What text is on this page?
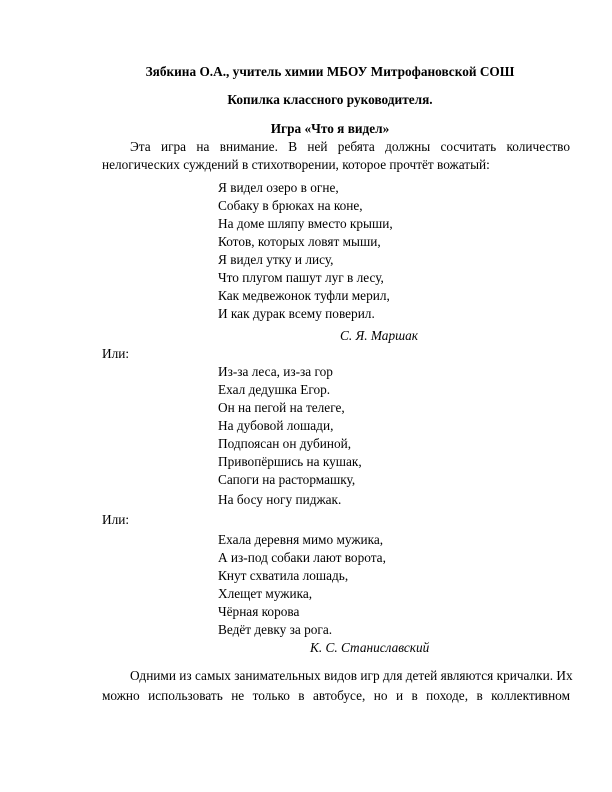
Зябкина О.А., учитель химии МБОУ Митрофановской СОШ
Копилка классного руководителя.
Игра «Что я видел»
Эта игра на внимание. В ней ребята должны сосчитать количество
нелогических суждений в стихотворении, которое прочтёт вожатый:
Я видел озеро в огне,
Собаку в брюках на коне,
На доме шляпу вместо крыши,
Котов, которых ловят мыши,
Я видел утку и лису,
Что плугом пашут луг в лесу,
Как медвежонок туфли мерил,
И как дурак всему поверил.
С. Я. Маршак
Или:
Из-за леса, из-за гор
Ехал дедушка Егор.
Он на пегой на телеге,
На дубовой лошади,
Подпоясан он дубиной,
Привопёршись на кушак,
Сапоги на растормашку,
На босу ногу пиджак.
Или:
Ехала деревня мимо мужика,
А из-под собаки лают ворота,
Кнут схватила лошадь,
Хлещет мужика,
Чёрная корова
Ведёт девку за рога.
К. С. Станиславский
Одними из самых занимательных видов игр для детей являются кричалки. Их
можно использовать не только в автобусе, но и в походе, в коллективном
